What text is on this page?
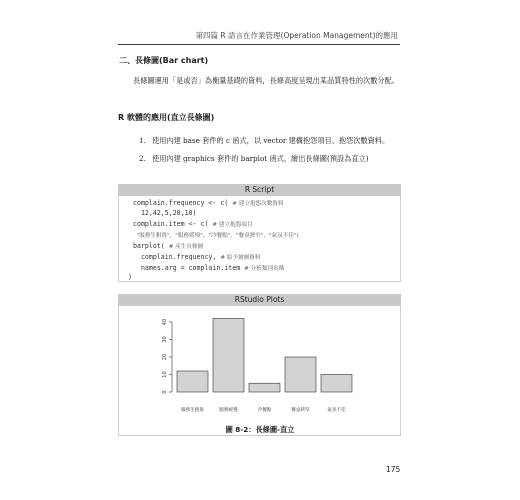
第四篇 R 語言在作業管理(Operation Management)的應用
二、長條圖(Bar chart)
長條圖運用「是或否」為衡量基礎的資料，長條高度呈現出某品質特性的次數分配。
R 軟體的應用(直立長條圖)
1. 使用內建 base 套件的 c 函式，以 vector 建構抱怨項目、抱怨次數資料。
2. 使用內建 graphics 套件的 barplot 函式，繪出長條圖(預設為直立)
R Script
complain.frequency <- c( # 建立抱怨次數資料
12,42,5,20,10)
complain.item <- c( # 建立抱怨項目
"服務生粗魯"，"服務緩慢"，"冷餐點"，"餐桌狹窄"，"氣氛不佳")
barplot( # 產生長條圖
complain.frequency, # 給予繪圖資料
names.arg = complain.item # 分析類別名稱
)
RStudio Plots
0
10
20
30
40
服務生粗魯	服務緩慢	冷餐點	餐桌狹窄	氣氛不佳
圖 8-2：長條圖-直立
175
